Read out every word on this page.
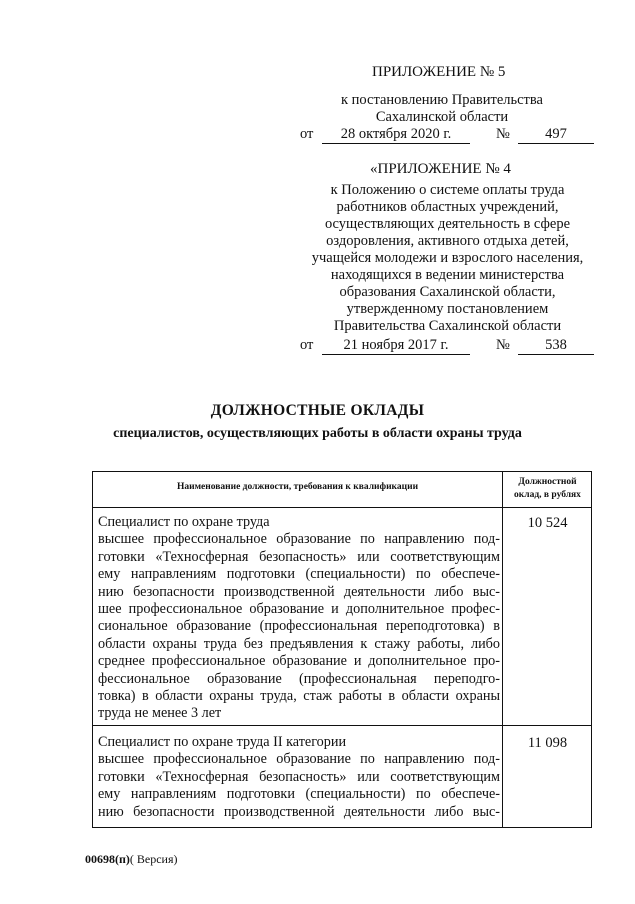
ПРИЛОЖЕНИЕ № 5
к постановлению Правительства
Сахалинской области
от	28 октября 2020 г.	№	497
«ПРИЛОЖЕНИЕ № 4
к Положению о системе оплаты труда
работников областных учреждений,
осуществляющих деятельность в сфере
оздоровления, активного отдыха детей,
учащейся молодежи и взрослого населения,
находящихся в ведении министерства
образования Сахалинской области,
утвержденному постановлением
Правительства Сахалинской области
от	21 ноября 2017 г.	№	538
ДОЛЖНОСТНЫЕ ОКЛАДЫ
специалистов, осуществляющих работы в области охраны труда
Наименование должности, требования к квалификации	Должностной
оклад, в рублях
Специалист по охране труда
высшее профессиональное образование по направлению под-
готовки «Техносферная безопасность» или соответствующим
ему направлениям подготовки (специальности) по обеспече-
нию безопасности производственной деятельности либо выс-
шее профессиональное образование и дополнительное профес-
сиональное образование (профессиональная переподготовка) в
области охраны труда без предъявления к стажу работы, либо
среднее профессиональное образование и дополнительное про-
фессиональное образование (профессиональная переподго-
товка) в области охраны труда, стаж работы в области охраны
труда не менее 3 лет
10 524
Специалист по охране труда II категории
высшее профессиональное образование по направлению под-
готовки «Техносферная безопасность» или соответствующим
ему направлениям подготовки (специальности) по обеспече-
нию безопасности производственной деятельности либо выс-
11 098
00698(п)( Версия)
